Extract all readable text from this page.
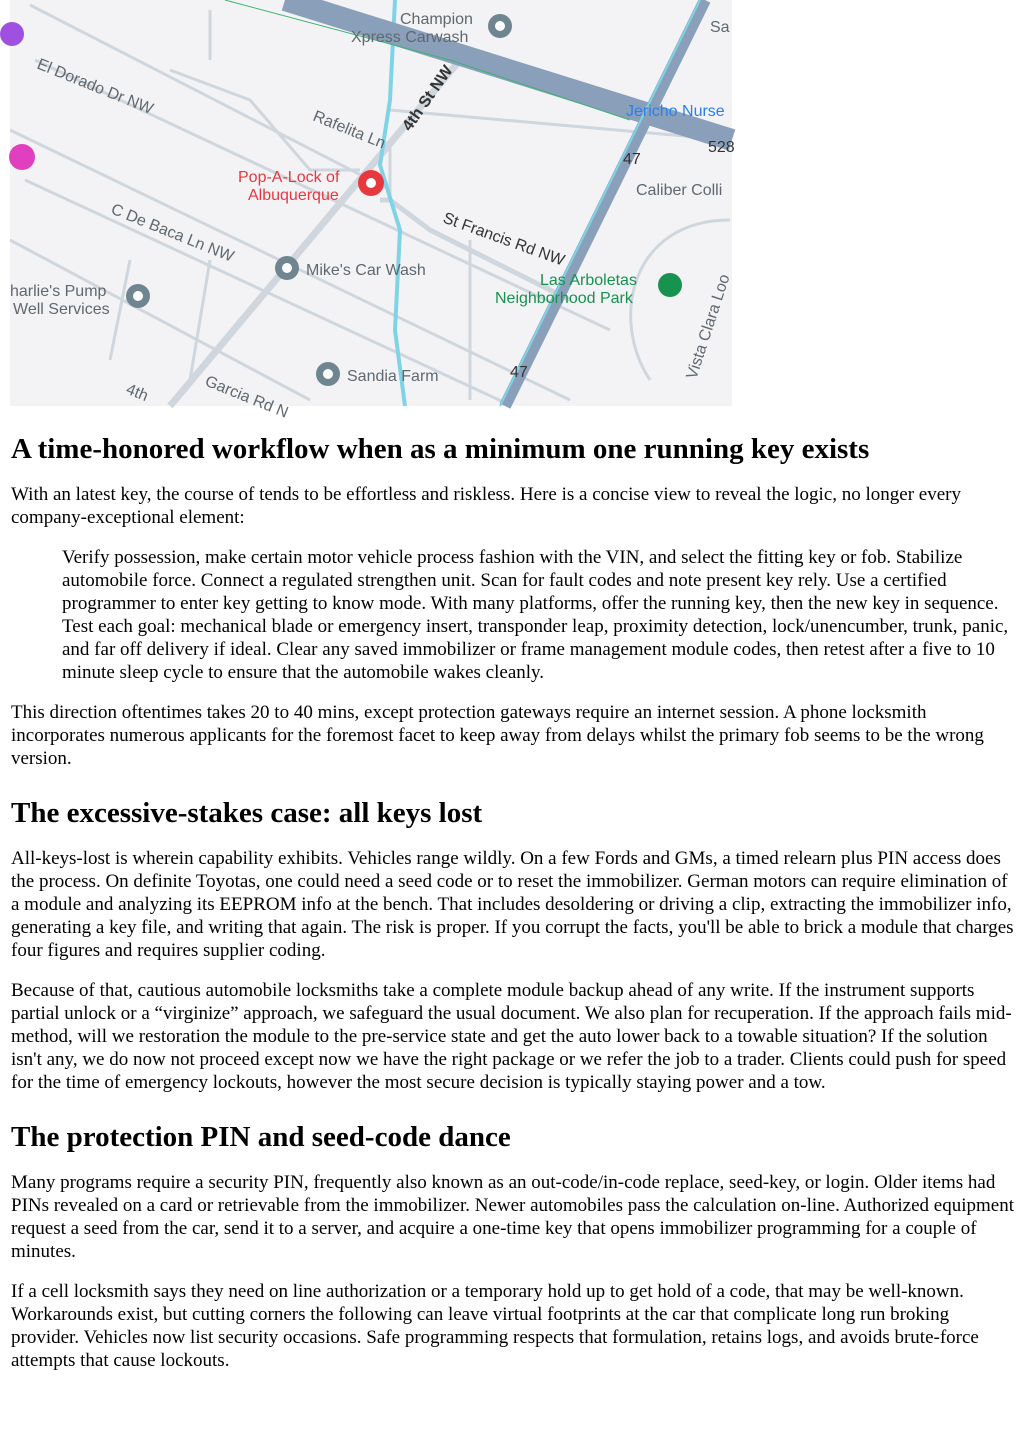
Champion
Xpress Carwash
Sa
El Dorado Dr NW
Rafelita Ln 4th St NW
Caliber Colli
St Francis Rd NW
C De Baca Ln NW
Mike's Car Wash
harlie's Pump
Well Services
Sandia Farm
Garcia Rd N
4th
Vista Clara Loo
Pop-A-Lock of
Albuquerque
Jericho Nurse
Las Arboletas
Neighborhood Park
47
47
528
A time-honored workflow when as a minimum one running key exists

With an latest key, the course of tends to be effortless and riskless. Here is a concise view to reveal the logic, no longer every company-exceptional element:

Verify possession, make certain motor vehicle process fashion with the VIN, and select the fitting key or fob. Stabilize automobile force. Connect a regulated strengthen unit. Scan for fault codes and note present key rely. Use a certified programmer to enter key getting to know mode. With many platforms, offer the running key, then the new key in sequence. Test each goal: mechanical blade or emergency insert, transponder leap, proximity detection, lock/unencumber, trunk, panic, and far off delivery if ideal. Clear any saved immobilizer or frame management module codes, then retest after a five to 10 minute sleep cycle to ensure that the automobile wakes cleanly.

This direction oftentimes takes 20 to 40 mins, except protection gateways require an internet session. A phone locksmith incorporates numerous applicants for the foremost facet to keep away from delays whilst the primary fob seems to be the wrong version.

The excessive-stakes case: all keys lost

All-keys-lost is wherein capability exhibits. Vehicles range wildly. On a few Fords and GMs, a timed relearn plus PIN access does the process. On definite Toyotas, one could need a seed code or to reset the immobilizer. German motors can require elimination of a module and analyzing its EEPROM info at the bench. That includes desoldering or driving a clip, extracting the immobilizer info, generating a key file, and writing that again. The risk is proper. If you corrupt the facts, you'll be able to brick a module that charges four figures and requires supplier coding.

Because of that, cautious automobile locksmiths take a complete module backup ahead of any write. If the instrument supports partial unlock or a “virginize” approach, we safeguard the usual document. We also plan for recuperation. If the approach fails mid-method, will we restoration the module to the pre-service state and get the auto lower back to a towable situation? If the solution isn't any, we do now not proceed except now we have the right package or we refer the job to a trader. Clients could push for speed for the time of emergency lockouts, however the most secure decision is typically staying power and a tow.

The protection PIN and seed-code dance

Many programs require a security PIN, frequently also known as an out-code/in-code replace, seed-key, or login. Older items had PINs revealed on a card or retrievable from the immobilizer. Newer automobiles pass the calculation on-line. Authorized equipment request a seed from the car, send it to a server, and acquire a one-time key that opens immobilizer programming for a couple of minutes.

If a cell locksmith says they need on line authorization or a temporary hold up to get hold of a code, that may be well-known. Workarounds exist, but cutting corners the following can leave virtual footprints at the car that complicate long run broking provider. Vehicles now list security occasions. Safe programming respects that formulation, retains logs, and avoids brute-force attempts that cause lockouts.
